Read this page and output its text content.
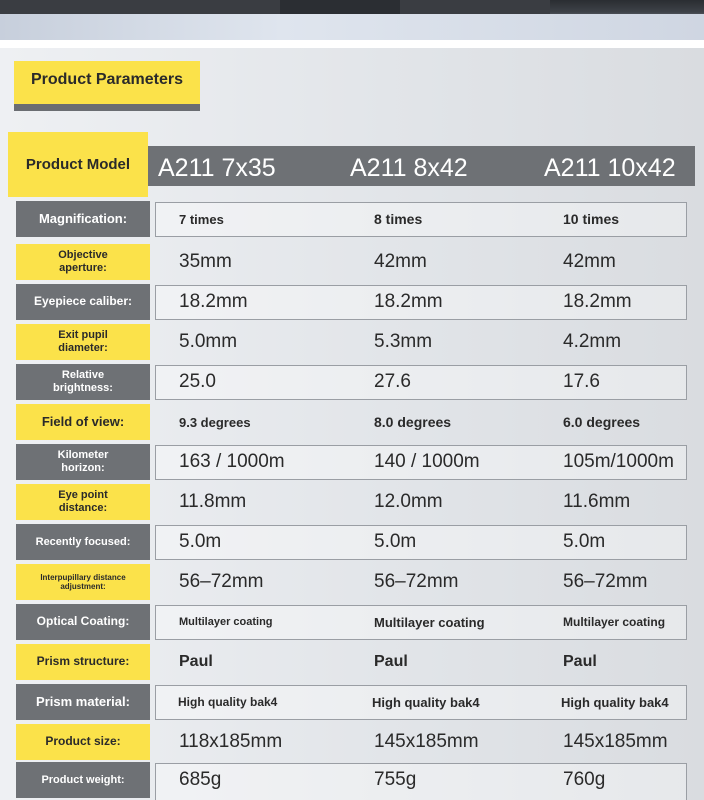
Product Parameters
Product Model	A211 7x35	A211 8x42	A211 10x42
Magnification:	7 times	8 times	10 times
Objective aperture:	35mm	42mm	42mm
Eyepiece caliber:	18.2mm	18.2mm	18.2mm
Exit pupil diameter:	5.0mm	5.3mm	4.2mm
Relative brightness:	25.0	27.6	17.6
Field of view:	9.3 degrees	8.0 degrees	6.0 degrees
Kilometer horizon:	163 / 1000m	140 / 1000m	105m/1000m
Eye point distance:	11.8mm	12.0mm	11.6mm
Recently focused:	5.0m	5.0m	5.0m
Interpupillary distance adjustment:	56–72mm	56–72mm	56–72mm
Optical Coating:	Multilayer coating	Multilayer coating	Multilayer coating
Prism structure:	Paul	Paul	Paul
Prism material:	High quality bak4	High quality bak4	High quality bak4
Product size:	118x185mm	145x185mm	145x185mm
Product weight:	685g	755g	760g
